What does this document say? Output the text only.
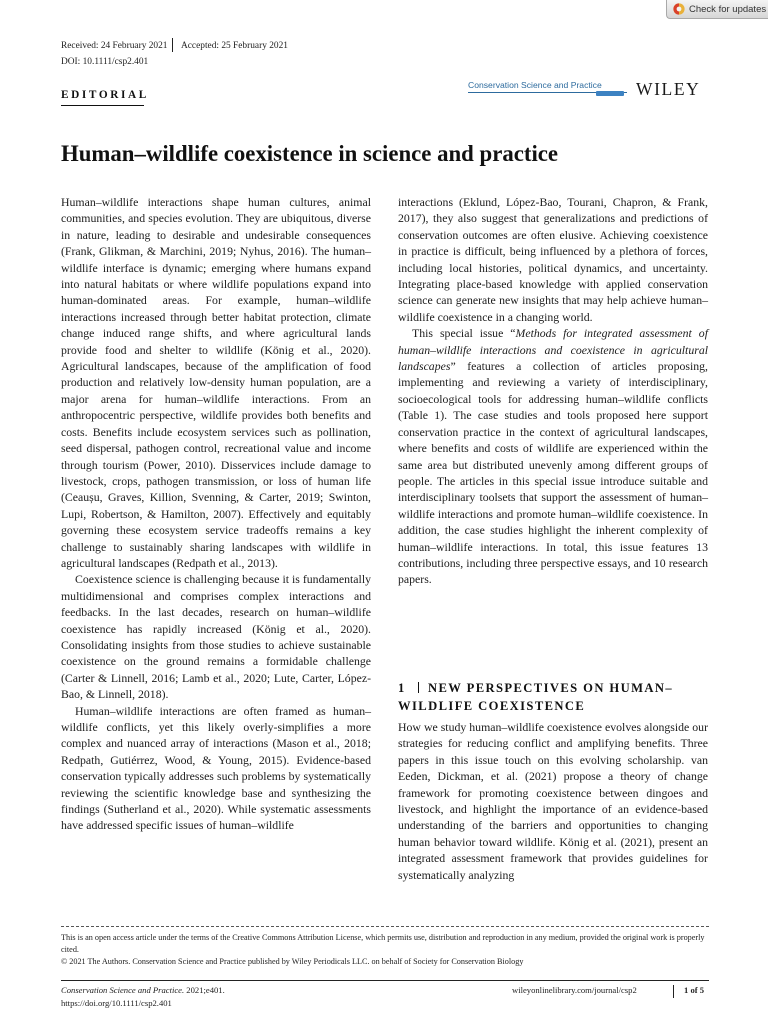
Check for updates
Received: 24 February 2021 Accepted: 25 February 2021
DOI: 10.1111/csp2.401
EDITORIAL
Conservation Science and Practice WILEY
Human–wildlife coexistence in science and practice

Human–wildlife interactions shape human cultures, animal communities, and species evolution. They are ubiquitous, diverse in nature, leading to desirable and undesirable consequences (Frank, Glikman, & Marchini, 2019; Nyhus, 2016). The human–wildlife interface is dynamic; emerging where humans expand into natural habitats or where wildlife populations expand into human-dominated areas. For example, human–wildlife interactions increased through better habitat protection, climate change induced range shifts, and where agricultural lands provide food and shelter to wildlife (König et al., 2020). Agricultural landscapes, because of the amplification of food production and relatively low-density human population, are a major arena for human–wildlife interactions. From an anthropocentric perspective, wildlife provides both benefits and costs. Benefits include ecosystem services such as pollination, seed dispersal, pathogen control, recreational value and income through tourism (Power, 2010). Disservices include damage to livestock, crops, pathogen transmission, or loss of human life (Ceaușu, Graves, Killion, Svenning, & Carter, 2019; Swinton, Lupi, Robertson, & Hamilton, 2007). Effectively and equitably governing these ecosystem service tradeoffs remains a key challenge to sustainably sharing landscapes with wildlife in agricultural landscapes (Redpath et al., 2013).

Coexistence science is challenging because it is fundamentally multidimensional and comprises complex interactions and feedbacks. In the last decades, research on human–wildlife coexistence has rapidly increased (König et al., 2020). Consolidating insights from those studies to achieve sustainable coexistence on the ground remains a formidable challenge (Carter & Linnell, 2016; Lamb et al., 2020; Lute, Carter, López-Bao, & Linnell, 2018).

Human–wildlife interactions are often framed as human–wildlife conflicts, yet this likely overly-simplifies a more complex and nuanced array of interactions (Mason et al., 2018; Redpath, Gutiérrez, Wood, & Young, 2015). Evidence-based conservation typically addresses such problems by systematically reviewing the scientific knowledge base and synthesizing the findings (Sutherland et al., 2020). While systematic assessments have addressed specific issues of human–wildlife

interactions (Eklund, López-Bao, Tourani, Chapron, & Frank, 2017), they also suggest that generalizations and predictions of conservation outcomes are often elusive. Achieving coexistence in practice is difficult, being influenced by a plethora of forces, including local histories, political dynamics, and uncertainty. Integrating place-based knowledge with applied conservation science can generate new insights that may help achieve human–wildlife coexistence in a changing world.

This special issue “Methods for integrated assessment of human–wildlife interactions and coexistence in agricultural landscapes” features a collection of articles proposing, implementing and reviewing a variety of interdisciplinary, socioecological tools for addressing human–wildlife conflicts (Table 1). The case studies and tools proposed here support conservation practice in the context of agricultural landscapes, where benefits and costs of wildlife are experienced within the same area but distributed unevenly among different groups of people. The articles in this special issue introduce suitable and interdisciplinary toolsets that support the assessment of human–wildlife interactions and promote human–wildlife coexistence. In addition, the case studies highlight the inherent complexity of human–wildlife interactions. In total, this issue features 13 contributions, including three perspective essays, and 10 research papers.

1 NEW PERSPECTIVES ON HUMAN–WILDLIFE COEXISTENCE

How we study human–wildlife coexistence evolves alongside our strategies for reducing conflict and amplifying benefits. Three papers in this issue touch on this evolving scholarship. van Eeden, Dickman, et al. (2021) propose a theory of change framework for promoting coexistence between dingoes and livestock, and highlight the importance of an evidence-based understanding of the barriers and opportunities to changing human behavior toward wildlife. König et al. (2021), present an integrated assessment framework that provides guidelines for systematically analyzing

This is an open access article under the terms of the Creative Commons Attribution License, which permits use, distribution and reproduction in any medium, provided the original work is properly cited.
© 2021 The Authors. Conservation Science and Practice published by Wiley Periodicals LLC. on behalf of Society for Conservation Biology
Conservation Science and Practice. 2021;e401.
https://doi.org/10.1111/csp2.401
wileyonlinelibrary.com/journal/csp2	1 of 5
